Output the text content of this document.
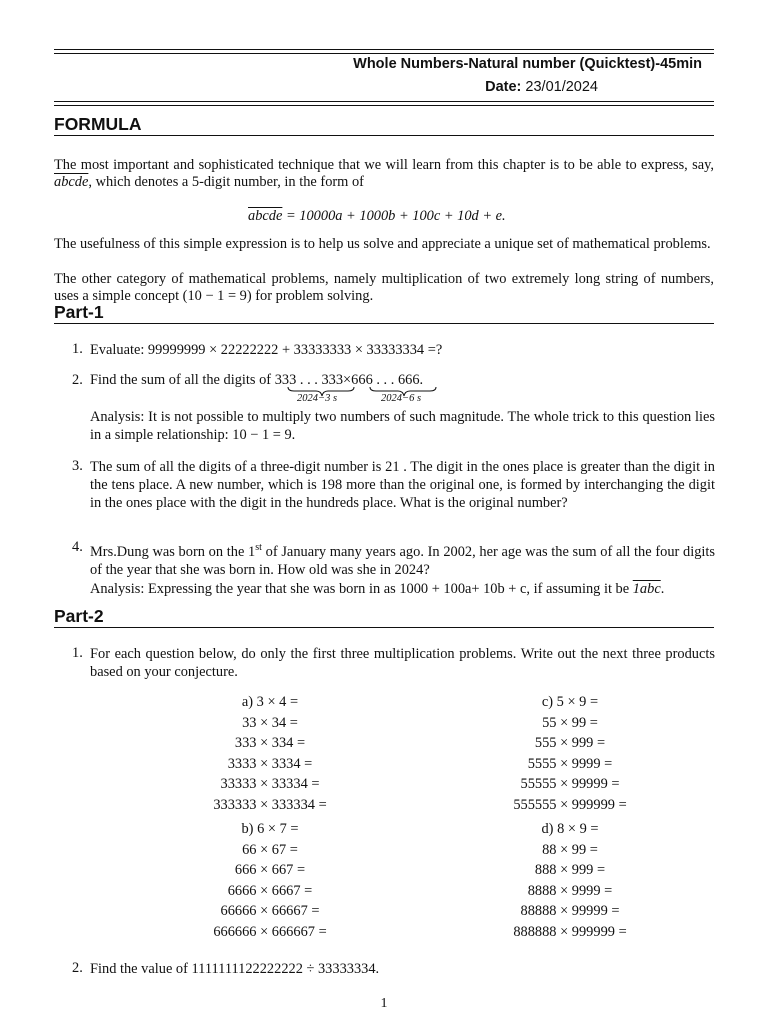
Whole Numbers-Natural number (Quicktest)-45min
Date: 23/01/2024
FORMULA
The most important and sophisticated technique that we will learn from this chapter is to be able to express, say, abcde, which denotes a 5-digit number, in the form of
abcde = 10000a + 1000b + 100c + 10d + e.
The usefulness of this simple expression is to help us solve and appreciate a unique set of mathematical problems.
The other category of mathematical problems, namely multiplication of two extremely long string of numbers, uses a simple concept (10 − 1 = 9) for problem solving.
Part-1
1. Evaluate: 99999999 × 22222222 + 33333333 × 33333334 =?
2. Find the sum of all the digits of 333 . . . 333×666 . . . 666.
2024−3 s	2024−6 s
Analysis: It is not possible to multiply two numbers of such magnitude. The whole trick to this question lies in a simple relationship: 10 − 1 = 9.
3. The sum of all the digits of a three-digit number is 21 . The digit in the ones place is greater than the digit in the tens place. A new number, which is 198 more than the original one, is formed by interchanging the digit in the ones place with the digit in the hundreds place. What is the original number?
4. Mrs.Dung was born on the 1st of January many years ago. In 2002, her age was the sum of all the four digits of the year that she was born in. How old was she in 2024?
Analysis: Expressing the year that she was born in as 1000 + 100a+ 10b + c, if assuming it be 1abc.
Part-2
1. For each question below, do only the first three multiplication problems. Write out the next three products based on your conjecture.
a) 3 × 4 =
33 × 34 =
333 × 334 =
3333 × 3334 =
33333 × 33334 =
333333 × 333334 =
c) 5 × 9 =
55 × 99 =
555 × 999 =
5555 × 9999 =
55555 × 99999 =
555555 × 999999 =
b) 6 × 7 =
66 × 67 =
666 × 667 =
6666 × 6667 =
66666 × 66667 =
666666 × 666667 =
d) 8 × 9 =
88 × 99 =
888 × 999 =
8888 × 9999 =
88888 × 99999 =
888888 × 999999 =
2. Find the value of 1111111122222222 ÷ 33333334.
1
